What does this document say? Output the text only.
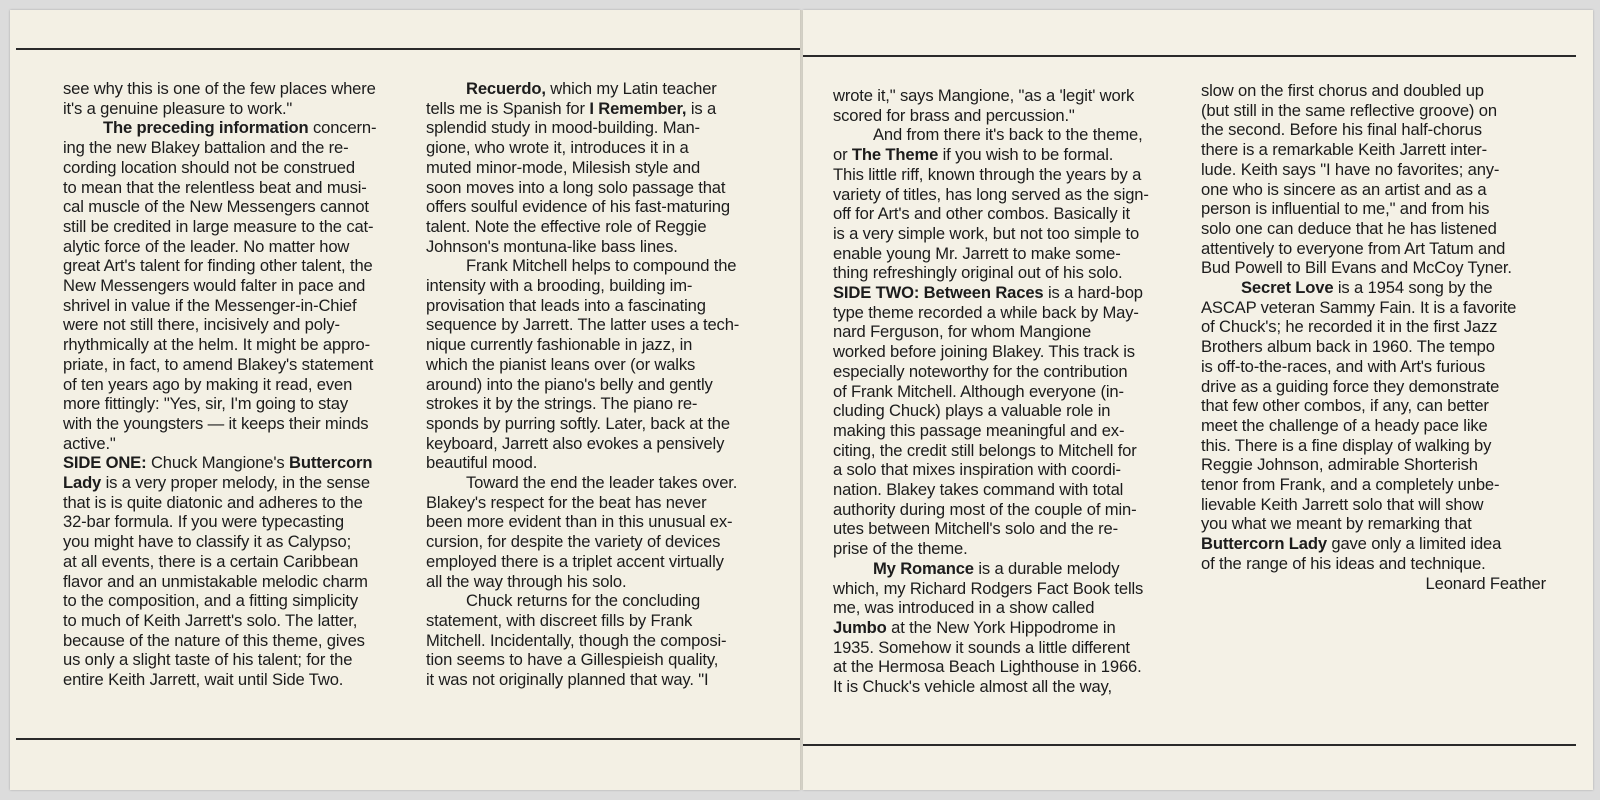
see why this is one of the few places where
it's a genuine pleasure to work."
The preceding information concern-
ing the new Blakey battalion and the re-
cording location should not be construed
to mean that the relentless beat and musi-
cal muscle of the New Messengers cannot
still be credited in large measure to the cat-
alytic force of the leader. No matter how
great Art's talent for finding other talent, the
New Messengers would falter in pace and
shrivel in value if the Messenger-in-Chief
were not still there, incisively and poly-
rhythmically at the helm. It might be appro-
priate, in fact, to amend Blakey's statement
of ten years ago by making it read, even
more fittingly: "Yes, sir, I'm going to stay
with the youngsters — it keeps their minds
active."
SIDE ONE: Chuck Mangione's Buttercorn
Lady is a very proper melody, in the sense
that is is quite diatonic and adheres to the
32-bar formula. If you were typecasting
you might have to classify it as Calypso;
at all events, there is a certain Caribbean
flavor and an unmistakable melodic charm
to the composition, and a fitting simplicity
to much of Keith Jarrett's solo. The latter,
because of the nature of this theme, gives
us only a slight taste of his talent; for the
entire Keith Jarrett, wait until Side Two.
Recuerdo, which my Latin teacher
tells me is Spanish for I Remember, is a
splendid study in mood-building. Man-
gione, who wrote it, introduces it in a
muted minor-mode, Milesish style and
soon moves into a long solo passage that
offers soulful evidence of his fast-maturing
talent. Note the effective role of Reggie
Johnson's montuna-like bass lines.
Frank Mitchell helps to compound the
intensity with a brooding, building im-
provisation that leads into a fascinating
sequence by Jarrett. The latter uses a tech-
nique currently fashionable in jazz, in
which the pianist leans over (or walks
around) into the piano's belly and gently
strokes it by the strings. The piano re-
sponds by purring softly. Later, back at the
keyboard, Jarrett also evokes a pensively
beautiful mood.
Toward the end the leader takes over.
Blakey's respect for the beat has never
been more evident than in this unusual ex-
cursion, for despite the variety of devices
employed there is a triplet accent virtually
all the way through his solo.
Chuck returns for the concluding
statement, with discreet fills by Frank
Mitchell. Incidentally, though the composi-
tion seems to have a Gillespieish quality,
it was not originally planned that way. "I
wrote it," says Mangione, "as a 'legit' work
scored for brass and percussion."
And from there it's back to the theme,
or The Theme if you wish to be formal.
This little riff, known through the years by a
variety of titles, has long served as the sign-
off for Art's and other combos. Basically it
is a very simple work, but not too simple to
enable young Mr. Jarrett to make some-
thing refreshingly original out of his solo.
SIDE TWO: Between Races is a hard-bop
type theme recorded a while back by May-
nard Ferguson, for whom Mangione
worked before joining Blakey. This track is
especially noteworthy for the contribution
of Frank Mitchell. Although everyone (in-
cluding Chuck) plays a valuable role in
making this passage meaningful and ex-
citing, the credit still belongs to Mitchell for
a solo that mixes inspiration with coordi-
nation. Blakey takes command with total
authority during most of the couple of min-
utes between Mitchell's solo and the re-
prise of the theme.
My Romance is a durable melody
which, my Richard Rodgers Fact Book tells
me, was introduced in a show called
Jumbo at the New York Hippodrome in
1935. Somehow it sounds a little different
at the Hermosa Beach Lighthouse in 1966.
It is Chuck's vehicle almost all the way,
slow on the first chorus and doubled up
(but still in the same reflective groove) on
the second. Before his final half-chorus
there is a remarkable Keith Jarrett inter-
lude. Keith says "I have no favorites; any-
one who is sincere as an artist and as a
person is influential to me," and from his
solo one can deduce that he has listened
attentively to everyone from Art Tatum and
Bud Powell to Bill Evans and McCoy Tyner.
Secret Love is a 1954 song by the
ASCAP veteran Sammy Fain. It is a favorite
of Chuck's; he recorded it in the first Jazz
Brothers album back in 1960. The tempo
is off-to-the-races, and with Art's furious
drive as a guiding force they demonstrate
that few other combos, if any, can better
meet the challenge of a heady pace like
this. There is a fine display of walking by
Reggie Johnson, admirable Shorterish
tenor from Frank, and a completely unbe-
lievable Keith Jarrett solo that will show
you what we meant by remarking that
Buttercorn Lady gave only a limited idea
of the range of his ideas and technique.
Leonard Feather
